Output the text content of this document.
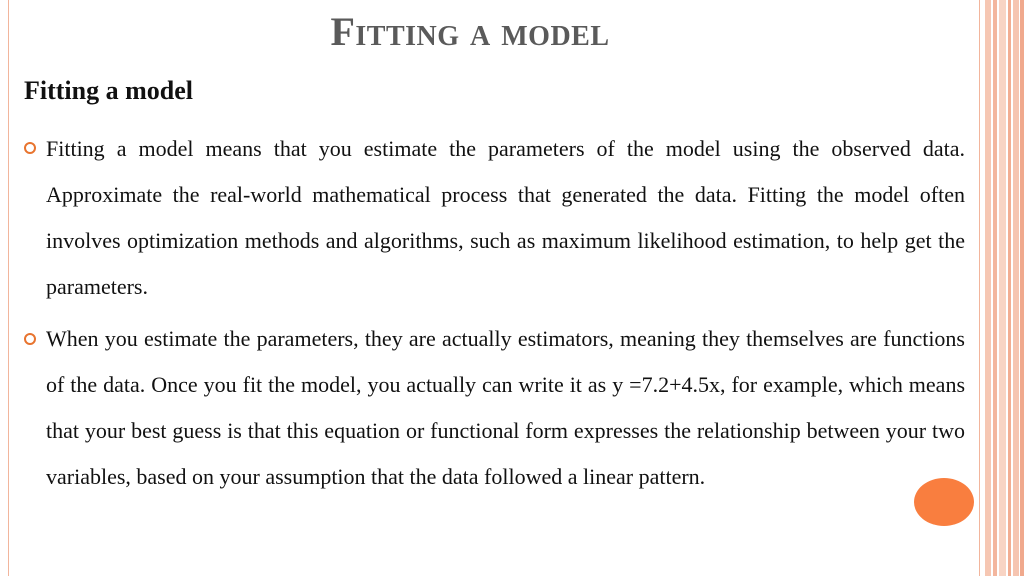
Fitting a model
Fitting a model
Fitting a model means that you estimate the parameters of the model using the observed data. Approximate the real-world mathematical process that generated the data. Fitting the model often involves optimization methods and algorithms, such as maximum likelihood estimation, to help get the parameters.
When you estimate the parameters, they are actually estimators, meaning they themselves are functions of the data. Once you fit the model, you actually can write it as y =7.2+4.5x, for example, which means that your best guess is that this equation or functional form expresses the relationship between your two variables, based on your assumption that the data followed a linear pattern.
